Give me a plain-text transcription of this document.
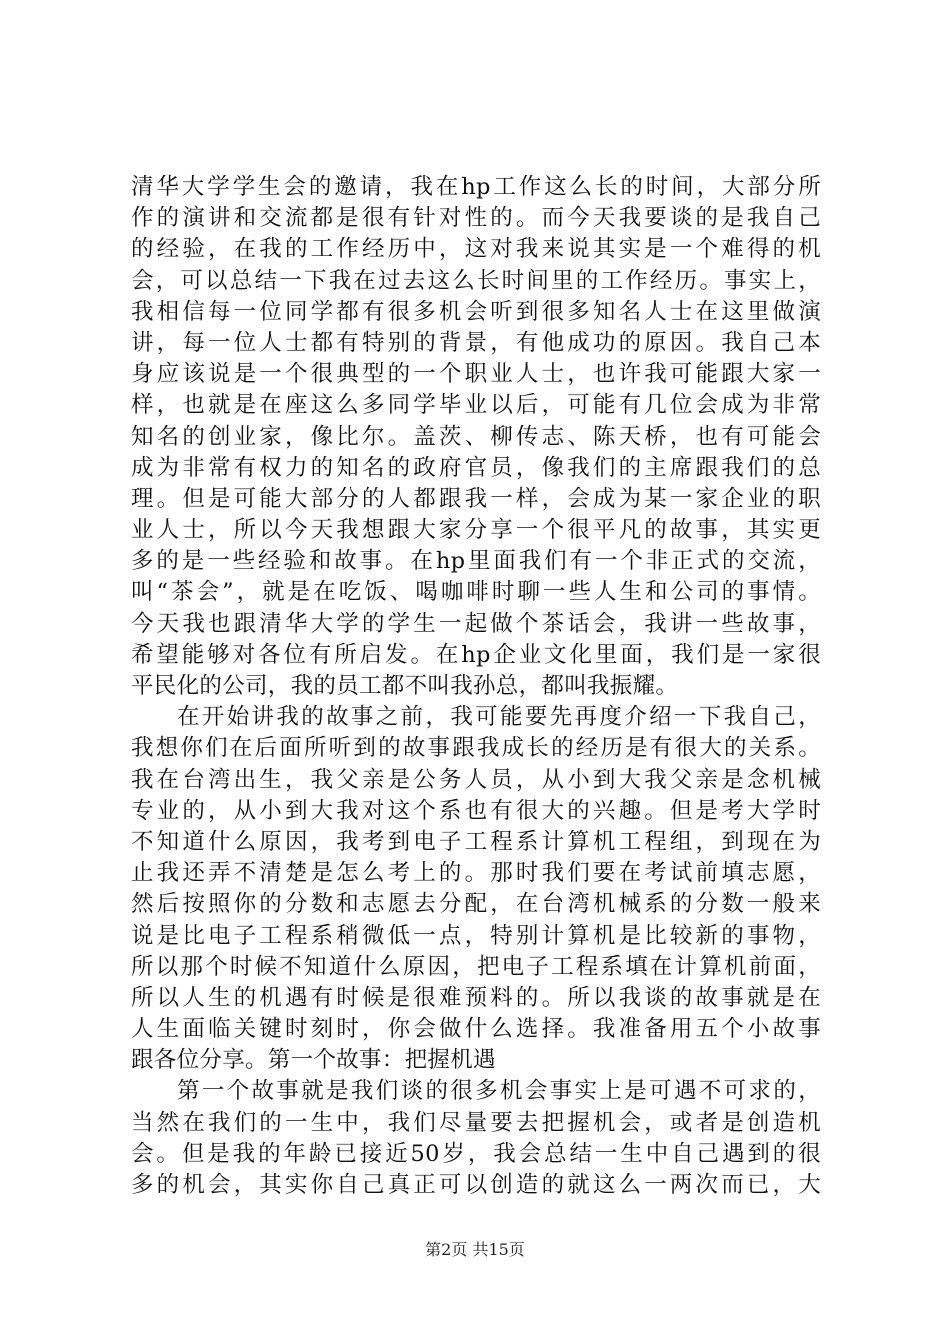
清华大学学生会的邀请，我在hp工作这么长的时间，大部分所
作的演讲和交流都是很有针对性的。而今天我要谈的是我自己
的经验，在我的工作经历中，这对我来说其实是一个难得的机
会，可以总结一下我在过去这么长时间里的工作经历。事实上，
我相信每一位同学都有很多机会听到很多知名人士在这里做演
讲，每一位人士都有特别的背景，有他成功的原因。我自己本
身应该说是一个很典型的一个职业人士，也许我可能跟大家一
样，也就是在座这么多同学毕业以后，可能有几位会成为非常
知名的创业家，像比尔。盖茨、柳传志、陈天桥，也有可能会
成为非常有权力的知名的政府官员，像我们的主席跟我们的总
理。但是可能大部分的人都跟我一样，会成为某一家企业的职
业人士，所以今天我想跟大家分享一个很平凡的故事，其实更
多的是一些经验和故事。在hp里面我们有一个非正式的交流，
叫“茶会”，就是在吃饭、喝咖啡时聊一些人生和公司的事情。
今天我也跟清华大学的学生一起做个茶话会，我讲一些故事，
希望能够对各位有所启发。在hp企业文化里面，我们是一家很
平民化的公司，我的员工都不叫我孙总，都叫我振耀。
在开始讲我的故事之前，我可能要先再度介绍一下我自己，
我想你们在后面所听到的故事跟我成长的经历是有很大的关系。
我在台湾出生，我父亲是公务人员，从小到大我父亲是念机械
专业的，从小到大我对这个系也有很大的兴趣。但是考大学时
不知道什么原因，我考到电子工程系计算机工程组，到现在为
止我还弄不清楚是怎么考上的。那时我们要在考试前填志愿，
然后按照你的分数和志愿去分配，在台湾机械系的分数一般来
说是比电子工程系稍微低一点，特别计算机是比较新的事物，
所以那个时候不知道什么原因，把电子工程系填在计算机前面，
所以人生的机遇有时候是很难预料的。所以我谈的故事就是在
人生面临关键时刻时，你会做什么选择。我准备用五个小故事
跟各位分享。第一个故事：把握机遇
第一个故事就是我们谈的很多机会事实上是可遇不可求的，
当然在我们的一生中，我们尽量要去把握机会，或者是创造机
会。但是我的年龄已接近50岁，我会总结一生中自己遇到的很
多的机会，其实你自己真正可以创造的就这么一两次而已，大
第2页 共15页
